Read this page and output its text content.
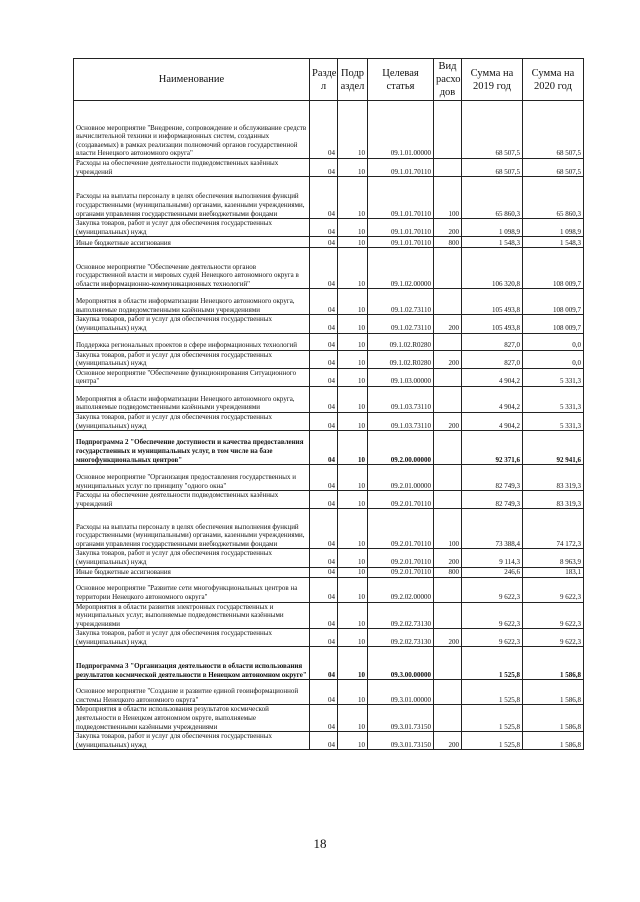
Наименование	Разде л	Подр аздел	Целевая статья	Вид расхо дов	Сумма на 2019 год	Сумма на 2020 год
Основное мероприятие "Внедрение, сопровождение и обслуживание средств вычислительной техники и информационных систем, созданных (создаваемых) в рамках реализации полномочий органов государственной власти Ненецкого автономного округа"	04	10	09.1.01.00000		68 507,5	68 507,5
Расходы на обеспечение деятельности подведомственных казённых учреждений	04	10	09.1.01.70110		68 507,5	68 507,5
Расходы на выплаты персоналу в целях обеспечения выполнения функций государственными (муниципальными) органами, казенными учреждениями, органами управления государственными внебюджетными фондами	04	10	09.1.01.70110	100	65 860,3	65 860,3
Закупка товаров, работ и услуг для обеспечения государственных (муниципальных) нужд	04	10	09.1.01.70110	200	1 098,9	1 098,9
Иные бюджетные ассигнования	04	10	09.1.01.70110	800	1 548,3	1 548,3
Основное мероприятие "Обеспечение деятельности органов государственной власти и мировых судей Ненецкого автономного округа в области информационно-коммуникационных технологий"	04	10	09.1.02.00000		106 320,8	108 009,7
Мероприятия в области информатизации Ненецкого автономного округа, выполняемые подведомственными казёнными учреждениями	04	10	09.1.02.73110		105 493,8	108 009,7
Закупка товаров, работ и услуг для обеспечения государственных (муниципальных) нужд	04	10	09.1.02.73110	200	105 493,8	108 009,7
Поддержка региональных проектов в сфере информационных технологий	04	10	09.1.02.R0280		827,0	0,0
Закупка товаров, работ и услуг для обеспечения государственных (муниципальных) нужд	04	10	09.1.02.R0280	200	827,0	0,0
Основное мероприятие "Обеспечение функционирования Ситуационного центра"	04	10	09.1.03.00000		4 904,2	5 331,3
Мероприятия в области информатизации Ненецкого автономного округа, выполняемые подведомственными казёнными учреждениями	04	10	09.1.03.73110		4 904,2	5 331,3
Закупка товаров, работ и услуг для обеспечения государственных (муниципальных) нужд	04	10	09.1.03.73110	200	4 904,2	5 331,3
Подпрограмма 2 "Обеспечение доступности и качества предоставления государственных и муниципальных услуг, в том числе на базе многофункциональных центров"	04	10	09.2.00.00000		92 371,6	92 941,6
Основное мероприятие "Организация предоставления государственных и муниципальных услуг по принципу "одного окна"	04	10	09.2.01.00000		82 749,3	83 319,3
Расходы на обеспечение деятельности подведомственных казённых учреждений	04	10	09.2.01.70110		82 749,3	83 319,3
Расходы на выплаты персоналу в целях обеспечения выполнения функций государственными (муниципальными) органами, казенными учреждениями, органами управления государственными внебюджетными фондами	04	10	09.2.01.70110	100	73 388,4	74 172,3
Закупка товаров, работ и услуг для обеспечения государственных (муниципальных) нужд	04	10	09.2.01.70110	200	9 114,3	8 963,9
Иные бюджетные ассигнования	04	10	09.2.01.70110	800	246,6	183,1
Основное мероприятие "Развитие сети многофункциональных центров на территории Ненецкого автономного округа"	04	10	09.2.02.00000		9 622,3	9 622,3
Мероприятия в области развития электронных государственных и муниципальных услуг, выполняемые подведомственными казёнными учреждениями	04	10	09.2.02.73130		9 622,3	9 622,3
Закупка товаров, работ и услуг для обеспечения государственных (муниципальных) нужд	04	10	09.2.02.73130	200	9 622,3	9 622,3
Подпрограмма 3 "Организация деятельности в области использования результатов космической деятельности в Ненецком автономном округе"	04	10	09.3.00.00000		1 525,8	1 586,8
Основное мероприятие "Создание и развитие единой геоинформационной системы Ненецкого автономного округа"	04	10	09.3.01.00000		1 525,8	1 586,8
Мероприятия в области использования результатов космической деятельности в Ненецком автономном округе, выполняемые подведомственными казёнными учреждениями	04	10	09.3.01.73150		1 525,8	1 586,8
Закупка товаров, работ и услуг для обеспечения государственных (муниципальных) нужд	04	10	09.3.01.73150	200	1 525,8	1 586,8
18
